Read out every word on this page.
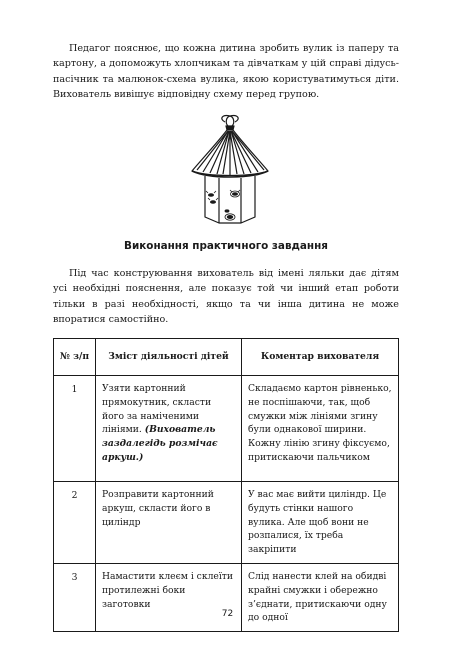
Педагог пояснює, що кожна дитина зробить вулик із паперу та картону, а допоможуть хлопчикам та дівчаткам у цій справі дідусь-пасічник та малюнок-схема вулика, якою користуватимуться діти. Вихователь вивішує відповідну схему перед групою.

Виконання практичного завдання

Під час конструювання вихователь від імені ляльки дає дітям усі необхідні пояснення, але показує той чи інший етап роботи тільки в разі необхідності, якщо та чи інша дитина не може впоратися самостійно.

№ з/п	Зміст діяльності дітей	Коментар вихователя
1	Узяти картонний прямокутник, скласти його за наміченими лініями. (Вихователь заздалегідь розмічає аркуш.)	Складаємо картон рівненько, не поспішаючи, так, щоб смужки між лініями згину були однакової ширини. Кожну лінію згину фіксуємо, притискаючи пальчиком
2	Розправити картонний аркуш, скласти його в циліндр	У вас має вийти циліндр. Це будуть стінки нашого вулика. Але щоб вони не розпалися, їх треба закріпити
3	Намастити клеєм і склеїти протилежні боки заготовки	Слід нанести клей на обидві крайні смужки і обережно з’єднати, притискаючи одну до одної
72
